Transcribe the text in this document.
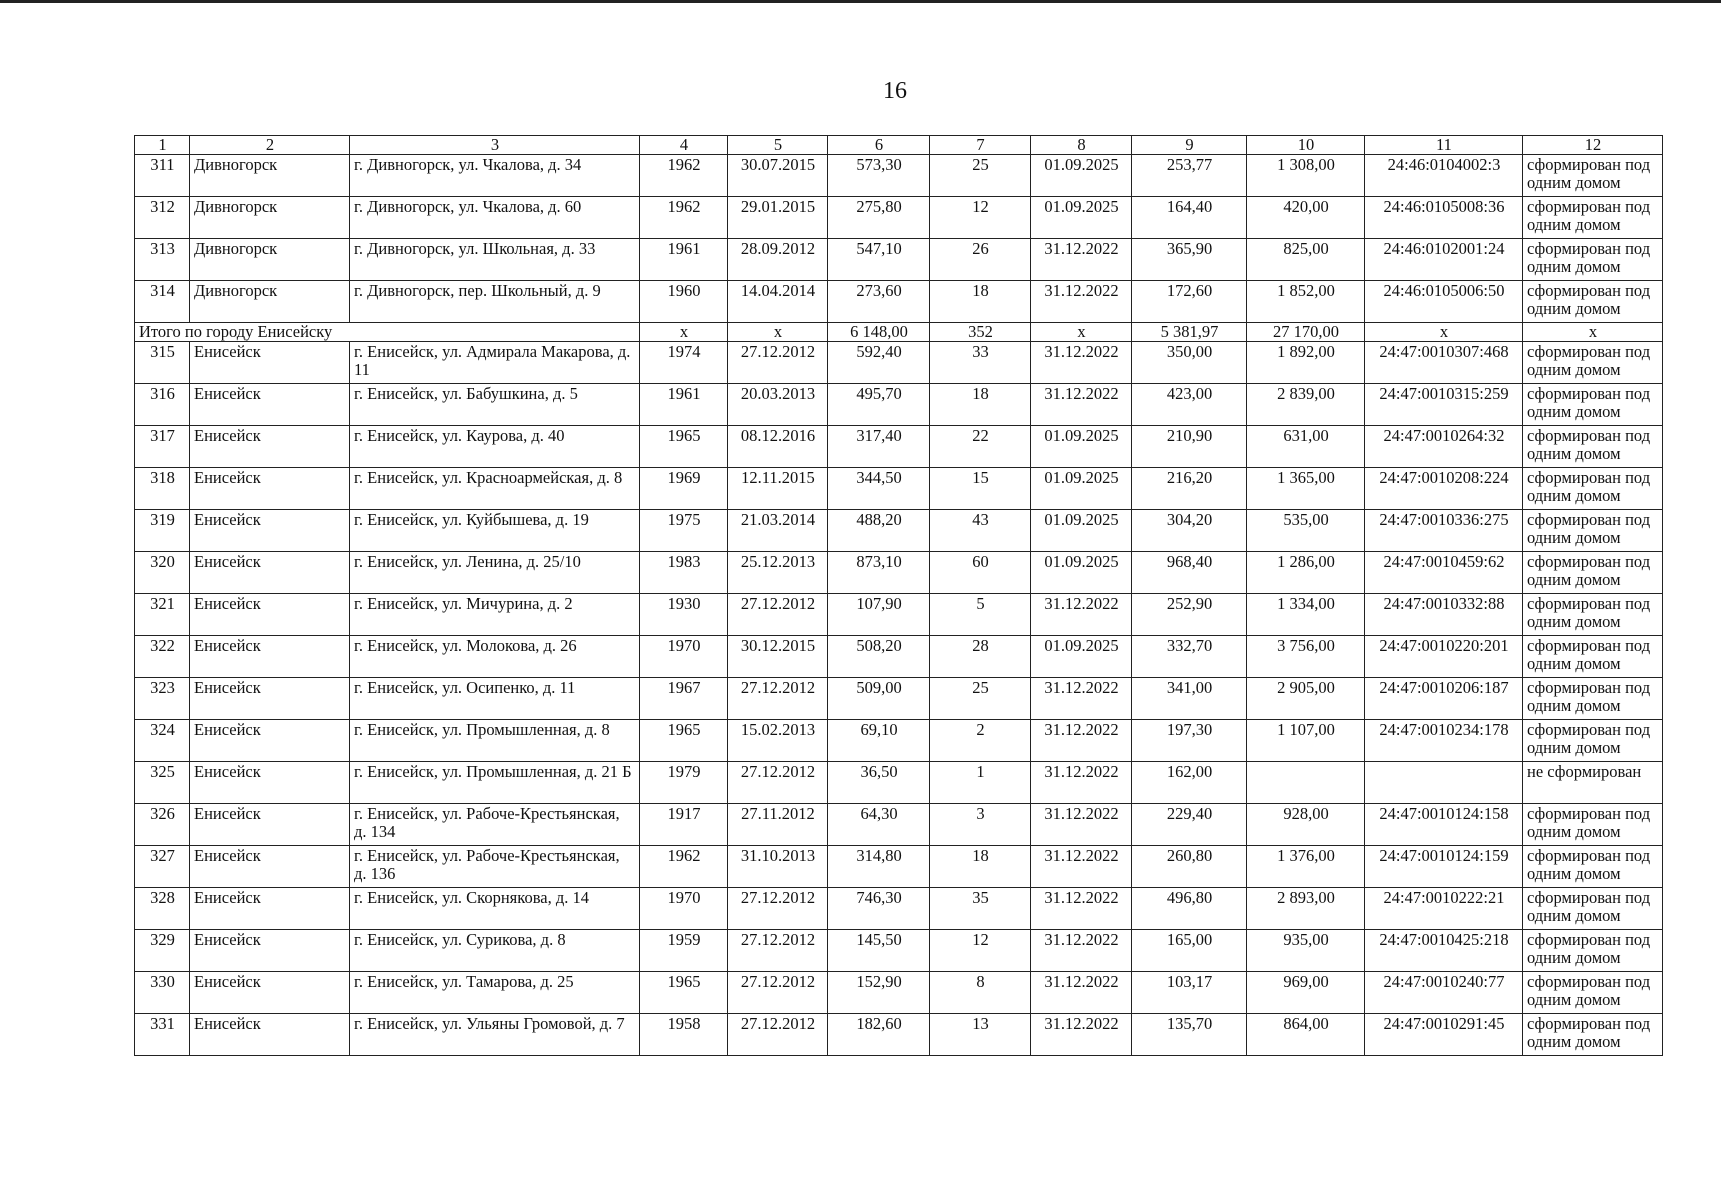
16
1	2	3	4	5	6	7	8	9	10	11	12
311	Дивногорск	г. Дивногорск, ул. Чкалова, д. 34	1962	30.07.2015	573,30	25	01.09.2025	253,77	1 308,00	24:46:0104002:3	сформирован под одним домом
312	Дивногорск	г. Дивногорск, ул. Чкалова, д. 60	1962	29.01.2015	275,80	12	01.09.2025	164,40	420,00	24:46:0105008:36	сформирован под одним домом
313	Дивногорск	г. Дивногорск, ул. Школьная, д. 33	1961	28.09.2012	547,10	26	31.12.2022	365,90	825,00	24:46:0102001:24	сформирован под одним домом
314	Дивногорск	г. Дивногорск, пер. Школьный, д. 9	1960	14.04.2014	273,60	18	31.12.2022	172,60	1 852,00	24:46:0105006:50	сформирован под одним домом
Итого по городу Енисейску			х	х	6 148,00	352	х	5 381,97	27 170,00	х	х
315	Енисейск	г. Енисейск, ул. Адмирала Макарова, д. 11	1974	27.12.2012	592,40	33	31.12.2022	350,00	1 892,00	24:47:0010307:468	сформирован под одним домом
316	Енисейск	г. Енисейск, ул. Бабушкина, д. 5	1961	20.03.2013	495,70	18	31.12.2022	423,00	2 839,00	24:47:0010315:259	сформирован под одним домом
317	Енисейск	г. Енисейск, ул. Каурова, д. 40	1965	08.12.2016	317,40	22	01.09.2025	210,90	631,00	24:47:0010264:32	сформирован под одним домом
318	Енисейск	г. Енисейск, ул. Красноармейская, д. 8	1969	12.11.2015	344,50	15	01.09.2025	216,20	1 365,00	24:47:0010208:224	сформирован под одним домом
319	Енисейск	г. Енисейск, ул. Куйбышева, д. 19	1975	21.03.2014	488,20	43	01.09.2025	304,20	535,00	24:47:0010336:275	сформирован под одним домом
320	Енисейск	г. Енисейск, ул. Ленина, д. 25/10	1983	25.12.2013	873,10	60	01.09.2025	968,40	1 286,00	24:47:0010459:62	сформирован под одним домом
321	Енисейск	г. Енисейск, ул. Мичурина, д. 2	1930	27.12.2012	107,90	5	31.12.2022	252,90	1 334,00	24:47:0010332:88	сформирован под одним домом
322	Енисейск	г. Енисейск, ул. Молокова, д. 26	1970	30.12.2015	508,20	28	01.09.2025	332,70	3 756,00	24:47:0010220:201	сформирован под одним домом
323	Енисейск	г. Енисейск, ул. Осипенко, д. 11	1967	27.12.2012	509,00	25	31.12.2022	341,00	2 905,00	24:47:0010206:187	сформирован под одним домом
324	Енисейск	г. Енисейск, ул. Промышленная, д. 8	1965	15.02.2013	69,10	2	31.12.2022	197,30	1 107,00	24:47:0010234:178	сформирован под одним домом
325	Енисейск	г. Енисейск, ул. Промышленная, д. 21 Б	1979	27.12.2012	36,50	1	31.12.2022	162,00			не сформирован
326	Енисейск	г. Енисейск, ул. Рабоче-Крестьянская, д. 134	1917	27.11.2012	64,30	3	31.12.2022	229,40	928,00	24:47:0010124:158	сформирован под одним домом
327	Енисейск	г. Енисейск, ул. Рабоче-Крестьянская, д. 136	1962	31.10.2013	314,80	18	31.12.2022	260,80	1 376,00	24:47:0010124:159	сформирован под одним домом
328	Енисейск	г. Енисейск, ул. Скорнякова, д. 14	1970	27.12.2012	746,30	35	31.12.2022	496,80	2 893,00	24:47:0010222:21	сформирован под одним домом
329	Енисейск	г. Енисейск, ул. Сурикова, д. 8	1959	27.12.2012	145,50	12	31.12.2022	165,00	935,00	24:47:0010425:218	сформирован под одним домом
330	Енисейск	г. Енисейск, ул. Тамарова, д. 25	1965	27.12.2012	152,90	8	31.12.2022	103,17	969,00	24:47:0010240:77	сформирован под одним домом
331	Енисейск	г. Енисейск, ул. Ульяны Громовой, д. 7	1958	27.12.2012	182,60	13	31.12.2022	135,70	864,00	24:47:0010291:45	сформирован под одним домом
